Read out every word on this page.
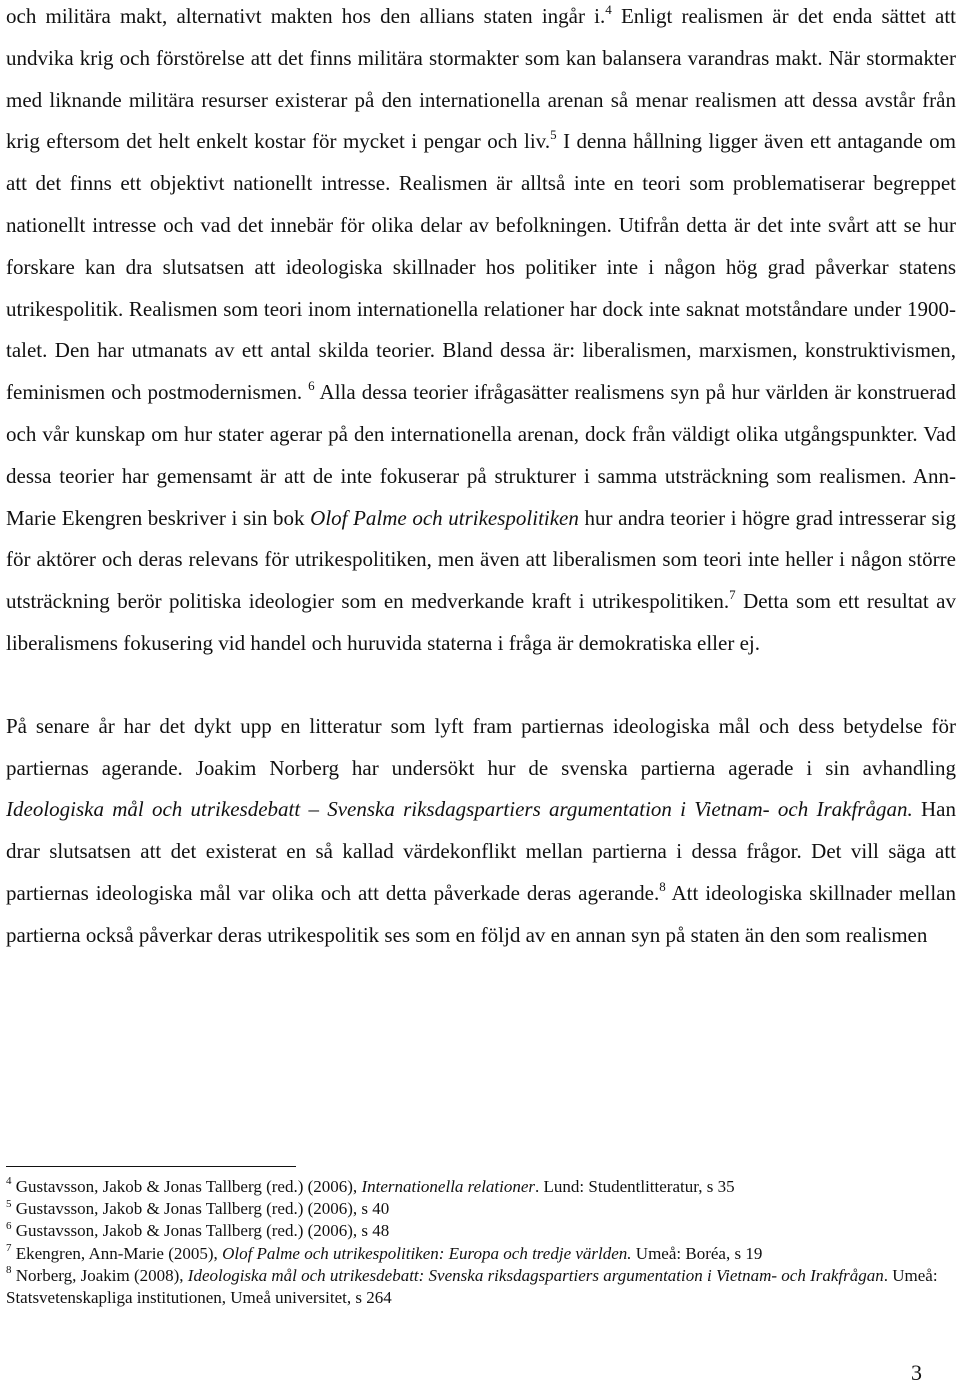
och militära makt, alternativt makten hos den allians staten ingår i.$^4$ Enligt realismen är det enda sättet att undvika krig och förstörelse att det finns militära stormakter som kan balansera varandras makt. När stormakter med liknande militära resurser existerar på den internationella arenan så menar realismen att dessa avstår från krig eftersom det helt enkelt kostar för mycket i pengar och liv.$^5$ I denna hållning ligger även ett antagande om att det finns ett objektivt nationellt intresse. Realismen är alltså inte en teori som problematiserar begreppet nationellt intresse och vad det innebär för olika delar av befolkningen. Utifrån detta är det inte svårt att se hur forskare kan dra slutsatsen att ideologiska skillnader hos politiker inte i någon hög grad påverkar statens utrikespolitik. Realismen som teori inom internationella relationer har dock inte saknat motståndare under 1900-talet. Den har utmanats av ett antal skilda teorier. Bland dessa är: liberalismen, marxismen, konstruktivismen, feminismen och postmodernismen. $^6$ Alla dessa teorier ifrågasätter realismens syn på hur världen är konstruerad och vår kunskap om hur stater agerar på den internationella arenan, dock från väldigt olika utgångspunkter. Vad dessa teorier har gemensamt är att de inte fokuserar på strukturer i samma utsträckning som realismen. Ann-Marie Ekengren beskriver i sin bok Olof Palme och utrikespolitiken hur andra teorier i högre grad intresserar sig för aktörer och deras relevans för utrikespolitiken, men även att liberalismen som teori inte heller i någon större utsträckning berör politiska ideologier som en medverkande kraft i utrikespolitiken.$^7$ Detta som ett resultat av liberalismens fokusering vid handel och huruvida staterna i fråga är demokratiska eller ej.

På senare år har det dykt upp en litteratur som lyft fram partiernas ideologiska mål och dess betydelse för partiernas agerande. Joakim Norberg har undersökt hur de svenska partierna agerade i sin avhandling Ideologiska mål och utrikesdebatt – Svenska riksdagspartiers argumentation i Vietnam- och Irakfrågan. Han drar slutsatsen att det existerat en så kallad värdekonflikt mellan partierna i dessa frågor. Det vill säga att partiernas ideologiska mål var olika och att detta påverkade deras agerande.$^8$ Att ideologiska skillnader mellan partierna också påverkar deras utrikespolitik ses som en följd av en annan syn på staten än den som realismen

$^4$ Gustavsson, Jakob & Jonas Tallberg (red.) (2006), Internationella relationer. Lund: Studentlitteratur, s 35

$^5$ Gustavsson, Jakob & Jonas Tallberg (red.) (2006), s 40

$^6$ Gustavsson, Jakob & Jonas Tallberg (red.) (2006), s 48

$^7$ Ekengren, Ann-Marie (2005), Olof Palme och utrikespolitiken: Europa och tredje världen. Umeå: Boréa, s 19

$^8$ Norberg, Joakim (2008), Ideologiska mål och utrikesdebatt: Svenska riksdagspartiers argumentation i Vietnam- och Irakfrågan. Umeå: Statsvetenskapliga institutionen, Umeå universitet, s 264

3
